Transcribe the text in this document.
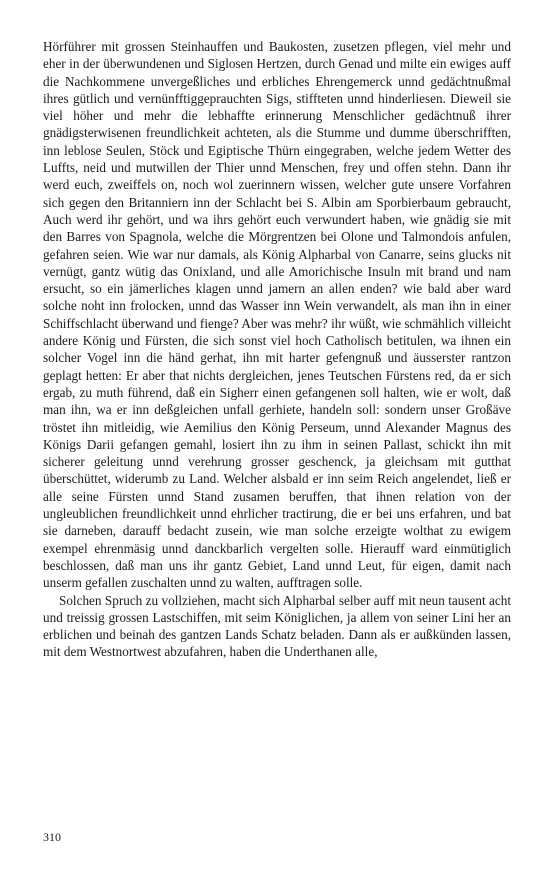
Hörführer mit grossen Steinhauffen und Baukosten, zusetzen pflegen, viel mehr und eher in der überwundenen und Siglosen Hertzen, durch Genad und milte ein ewiges auff die Nachkommene unvergeßliches und erbliches Ehrengemerck unnd gedächtnußmal ihres gütlich und vernünfftiggeprauchten Sigs, stiffteten unnd hinderliesen. Dieweil sie viel höher und mehr die lebhaffte erinnerung Menschlicher gedächtnuß ihrer gnädigsterwisenen freundlichkeit achteten, als die Stumme und dumme überschrifften, inn leblose Seulen, Stöck und Egiptische Thürn eingegraben, welche jedem Wetter des Luffts, neid und mutwillen der Thier unnd Menschen, frey und offen stehn. Dann ihr werd euch, zweiffels on, noch wol zuerinnern wissen, welcher gute unsere Vorfahren sich gegen den Britanniern inn der Schlacht bei S. Albin am Sporbierbaum gebraucht, Auch werd ihr gehört, und wa ihrs gehört euch verwundert haben, wie gnädig sie mit den Barres von Spagnola, welche die Mörgrentzen bei Olone und Talmondois anfulen, gefahren seien. Wie war nur damals, als König Alpharbal von Canarre, seins glucks nit vernügt, gantz wütig das Onixland, und alle Amorichische Insuln mit brand und nam ersucht, so ein jämerliches klagen unnd jamern an allen enden? wie bald aber ward solche noht inn frolocken, unnd das Wasser inn Wein verwandelt, als man ihn in einer Schiffschlacht überwand und fienge? Aber was mehr? ihr wüßt, wie schmählich villeicht andere König und Fürsten, die sich sonst viel hoch Catholisch betitulen, wa ihnen ein solcher Vogel inn die händ gerhat, ihn mit harter gefengnuß und äusserster rantzon geplagt hetten: Er aber that nichts dergleichen, jenes Teutschen Fürstens red, da er sich ergab, zu muth führend, daß ein Sigherr einen gefangenen soll halten, wie er wolt, daß man ihn, wa er inn deßgleichen unfall gerhiete, handeln soll: sondern unser Großäve tröstet ihn mitleidig, wie Aemilius den König Perseum, unnd Alexander Magnus des Königs Darii gefangen gemahl, losiert ihn zu ihm in seinen Pallast, schickt ihn mit sicherer geleitung unnd verehrung grosser geschenck, ja gleichsam mit gutthat überschüttet, widerumb zu Land. Welcher alsbald er inn seim Reich angelendet, ließ er alle seine Fürsten unnd Stand zusamen beruffen, that ihnen relation von der ungleublichen freundlichkeit unnd ehrlicher tractirung, die er bei uns erfahren, und bat sie darneben, darauff bedacht zusein, wie man solche erzeigte wolthat zu ewigem exempel ehrenmäsig unnd danckbarlich vergelten solle. Hierauff ward einmütiglich beschlossen, daß man uns ihr gantz Gebiet, Land unnd Leut, für eigen, damit nach unserm gefallen zuschalten unnd zu walten, aufftragen solle.

Solchen Spruch zu vollziehen, macht sich Alpharbal selber auff mit neun tausent acht und treissig grossen Lastschiffen, mit seim Königlichen, ja allem von seiner Lini her an erblichen und beinah des gantzen Lands Schatz beladen. Dann als er außkünden lassen, mit dem Westnortwest abzufahren, haben die Underthanen alle,

310
